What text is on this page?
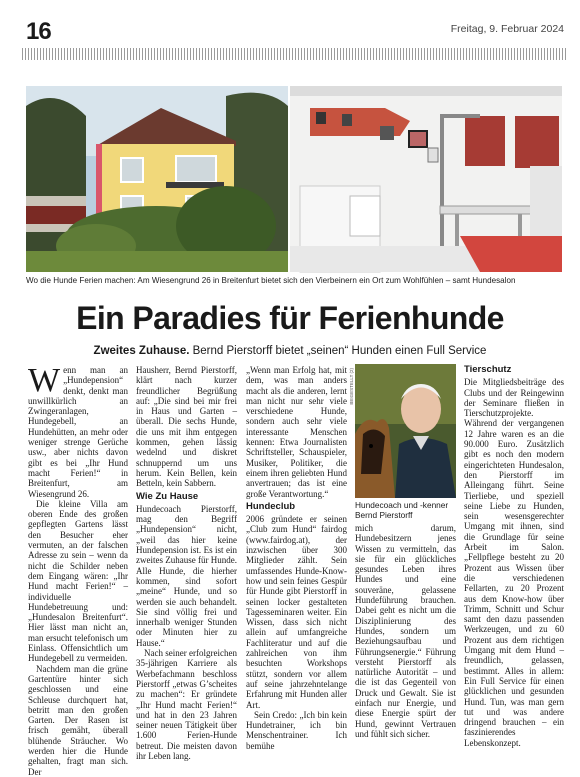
16	Freitag, 9. Februar 2024
Wo die Hunde Ferien machen: Am Wiesengrund 26 in Breitenfurt bietet sich den Vierbeinern ein Ort zum Wohlfühlen – samt Hundesalon
Ein Paradies für Ferienhunde
Zweites Zuhause. Bernd Pierstorff bietet „seinen“ Hunden einen Full Service

Wenn man an „Hundepension“ denkt, denkt man unwillkürlich an Zwingeranlagen, Hundegebell, an Hundehütten, an mehr oder weniger strenge Gerüche usw., aber nichts davon gibt es bei „Ihr Hund macht Ferien!“ in Breitenfurt, am Wiesengrund 26.

Die kleine Villa am oberen Ende des großen gepflegten Gartens lässt den Besucher eher vermuten, an der falschen Adresse zu sein – wenn da nicht die Schilder neben dem Eingang wären: „Ihr Hund macht Ferien!“ – individuelle Hundebetreuung und: „Hundesalon Breitenfurt“. Hier lässt man nicht an, man ersucht telefonisch um Einlass. Offensichtlich um Hundegebell zu vermeiden.

Nachdem man die grüne Gartentüre hinter sich geschlossen und eine Schleuse durchquert hat, betritt man den großen Garten. Der Rasen ist frisch gemäht, überall blühende Sträucher. Wo werden hier die Hunde gehalten, fragt man sich. Der

Hausherr, Bernd Pierstorff, klärt nach kurzer freundlicher Begrüßung auf: „Die sind bei mir frei in Haus und Garten – überall. Die sechs Hunde, die uns mit ihm entgegen kommen, gehen lässig wedelnd und diskret schnuppernd um uns herum. Kein Bellen, kein Betteln, kein Sabbern.

Wie Zu Hause

Hundecoach Pierstorff, mag den Begriff „Hundepension“ nicht, „weil das hier keine Hundepension ist. Es ist ein zweites Zuhause für Hunde. Alle Hunde, die hierher kommen, sind sofort „meine“ Hunde, und so werden sie auch behandelt. Sie sind völlig frei und innerhalb weniger Stunden oder Minuten hier zu Hause.“

Nach seiner erfolgreichen 35-jährigen Karriere als Werbefachmann beschloss Pierstorff „etwas G’scheites zu machen“: Er gründete „Ihr Hund macht Ferien!“ und hat in den 23 Jahren seiner neuen Tätigkeit über 1.600 Ferien-Hunde betreut. Die meisten davon ihr Leben lang.

„Wenn man Erfolg hat, mit dem, was man anders macht als die anderen, lernt man nicht nur sehr viele verschiedene Hunde, sondern auch sehr viele interessante Menschen kennen: Etwa Journalisten Schriftsteller, Schauspieler, Musiker, Politiker, die einem ihren geliebten Hund anvertrauen; das ist eine große Verantwortung.“

Hundeclub

2006 gründete er seinen „Club zum Hund“ fairdog (www.fairdog.at), der inzwischen über 300 Mitglieder zählt. Sein umfassendes Hunde-Know-how und sein feines Gespür für Hunde gibt Pierstorff in seinen locker gestalteten Tagesseminaren weiter. Ein Wissen, dass sich nicht allein auf umfangreiche Fachliteratur und auf die zahlreichen von ihm besuchten Workshops stützt, sondern vor allem auf seine jahrzehntelange Erfahrung mit Hunden aller Art.

Sein Credo: „Ich bin kein Hundetrainer, ich bin Menschentrainer. Ich bemühe

BEIGESTELLT (2)
Hundecoach und -kenner Bernd Pierstorff

mich darum, Hundebesitzern jenes Wissen zu vermitteln, das sie für ein glückliches gesundes Leben ihres Hundes und eine souveräne, gelassene Hundeführung brauchen. Dabei geht es nicht um die Disziplinierung des Hundes, sondern um Beziehungsaufbau und Führungsenergie.“ Führung versteht Pierstorff als natürliche Autorität – und die ist das Gegenteil von Druck und Gewalt. Sie ist einfach nur Energie, und diese Energie spürt der Hund, gewinnt Vertrauen und fühlt sich sicher.

Tierschutz

Die Mitgliedsbeiträge des Clubs und der Reingewinn der Seminare fließen in Tierschutzprojekte. Während der vergangenen 12 Jahre waren es an die 90.000 Euro. Zusätzlich gibt es noch den modern eingerichteten Hundesalon, den Pierstorff im Alleingang führt. Seine Tierliebe, und speziell seine Liebe zu Hunden, sein wesensgerechter Umgang mit ihnen, sind die Grundlage für seine Arbeit im Salon. „Fellpflege besteht zu 20 Prozent aus Wissen über die verschiedenen Fellarten, zu 20 Prozent aus dem Know-how über Trimm, Schnitt und Schur samt den dazu passenden Werkzeugen, und zu 60 Prozent aus dem richtigen Umgang mit dem Hund – freundlich, gelassen, bestimmt. Alles in allem: Ein Full Service für einen glücklichen und gesunden Hund. Tun, was man gern tut und was andere dringend brauchen – ein faszinierendes Lebenskonzept.
